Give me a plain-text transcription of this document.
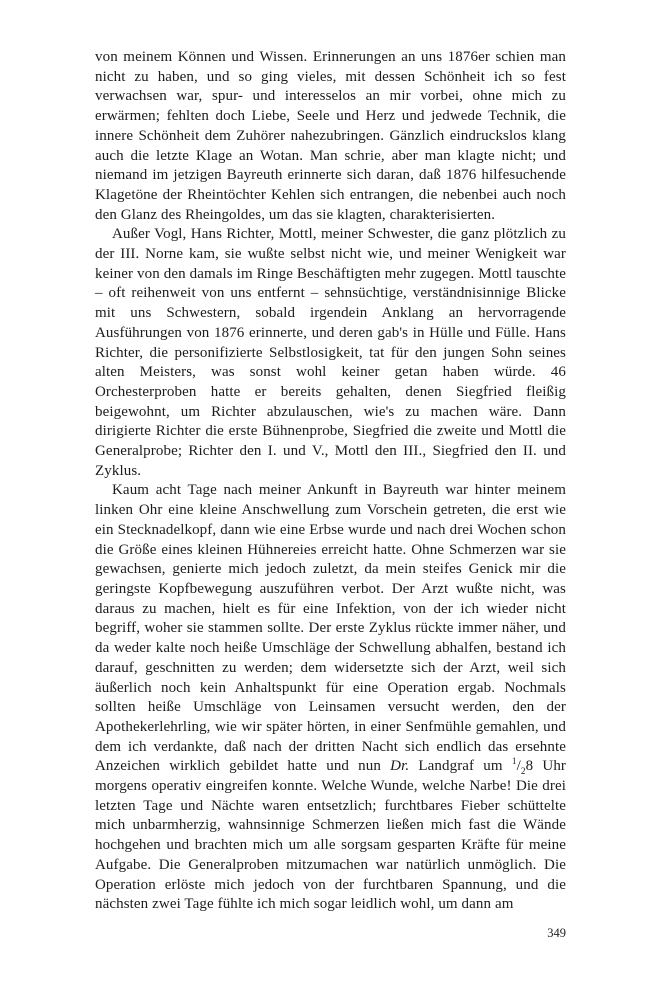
von meinem Können und Wissen. Erinnerungen an uns 1876er schien man nicht zu haben, und so ging vieles, mit dessen Schönheit ich so fest verwachsen war, spur- und interesselos an mir vorbei, ohne mich zu erwärmen; fehlten doch Liebe, Seele und Herz und jedwede Technik, die innere Schönheit dem Zuhörer nahezubringen. Gänzlich eindruckslos klang auch die letzte Klage an Wotan. Man schrie, aber man klagte nicht; und niemand im jetzigen Bayreuth erinnerte sich daran, daß 1876 hilfesuchende Klagetöne der Rheintöchter Kehlen sich entrangen, die nebenbei auch noch den Glanz des Rheingoldes, um das sie klagten, charakterisierten.

Außer Vogl, Hans Richter, Mottl, meiner Schwester, die ganz plötzlich zu der III. Norne kam, sie wußte selbst nicht wie, und meiner Wenigkeit war keiner von den damals im Ringe Beschäftigten mehr zugegen. Mottl tauschte – oft reihenweit von uns entfernt – sehnsüchtige, verständnisinnige Blicke mit uns Schwestern, sobald irgendein Anklang an hervorragende Ausführungen von 1876 erinnerte, und deren gab's in Hülle und Fülle. Hans Richter, die personifizierte Selbstlosigkeit, tat für den jungen Sohn seines alten Meisters, was sonst wohl keiner getan haben würde. 46 Orchesterproben hatte er bereits gehalten, denen Siegfried fleißig beigewohnt, um Richter abzulauschen, wie's zu machen wäre. Dann dirigierte Richter die erste Bühnenprobe, Siegfried die zweite und Mottl die Generalprobe; Richter den I. und V., Mottl den III., Siegfried den II. und Zyklus.

Kaum acht Tage nach meiner Ankunft in Bayreuth war hinter meinem linken Ohr eine kleine Anschwellung zum Vorschein getreten, die erst wie ein Stecknadelkopf, dann wie eine Erbse wurde und nach drei Wochen schon die Größe eines kleinen Hühnereies erreicht hatte. Ohne Schmerzen war sie gewachsen, genierte mich jedoch zuletzt, da mein steifes Genick mir die geringste Kopfbewegung auszuführen verbot. Der Arzt wußte nicht, was daraus zu machen, hielt es für eine Infektion, von der ich wieder nicht begriff, woher sie stammen sollte. Der erste Zyklus rückte immer näher, und da weder kalte noch heiße Umschläge der Schwellung abhalfen, bestand ich darauf, geschnitten zu werden; dem widersetzte sich der Arzt, weil sich äußerlich noch kein Anhaltspunkt für eine Operation ergab. Nochmals sollten heiße Umschläge von Leinsamen versucht werden, den der Apothekerlehrling, wie wir später hörten, in einer Senfmühle gemahlen, und dem ich verdankte, daß nach der dritten Nacht sich endlich das ersehnte Anzeichen wirklich gebildet hatte und nun Dr. Landgraf um $^1/_28$ Uhr morgens operativ eingreifen konnte. Welche Wunde, welche Narbe! Die drei letzten Tage und Nächte waren entsetzlich; furchtbares Fieber schüttelte mich unbarmherzig, wahnsinnige Schmerzen ließen mich fast die Wände hochgehen und brachten mich um alle sorgsam gesparten Kräfte für meine Aufgabe. Die Generalproben mitzumachen war natürlich unmöglich. Die Operation erlöste mich jedoch von der furchtbaren Spannung, und die nächsten zwei Tage fühlte ich mich sogar leidlich wohl, um dann am

349
